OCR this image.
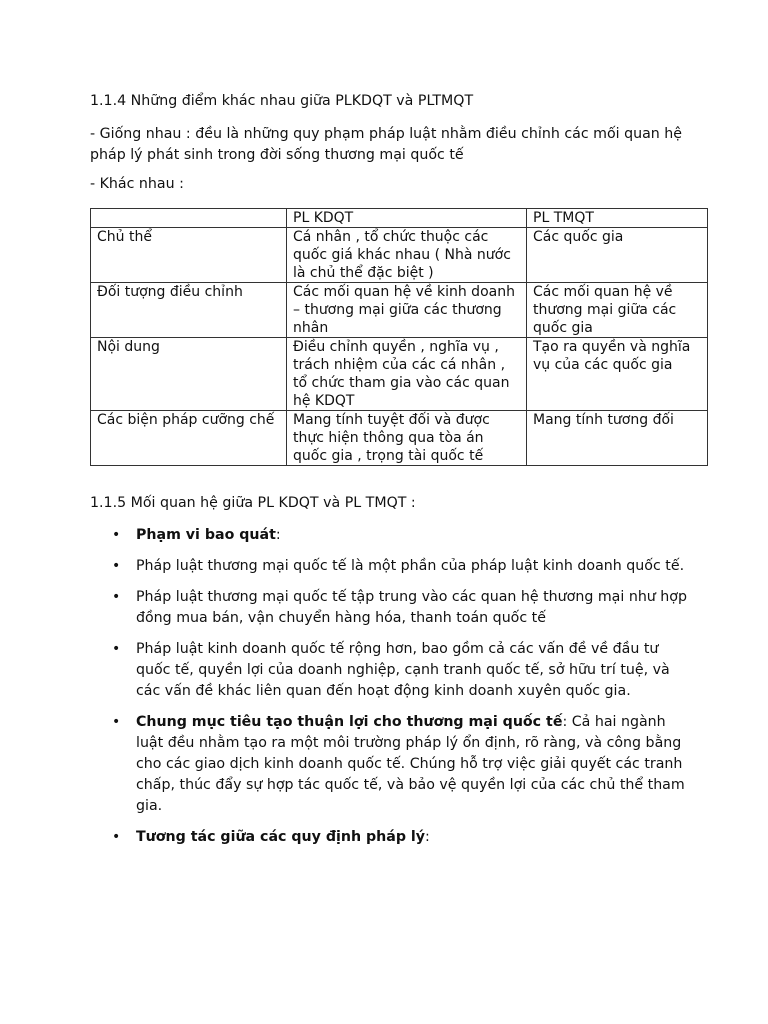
1.1.4 Những điểm khác nhau giữa PLKDQT và PLTMQT
- Giống nhau : đều là những quy phạm pháp luật nhằm điều chỉnh các mối quan hệ pháp lý phát sinh trong đời sống thương mại quốc tế
- Khác nhau :
	PL KDQT	PL TMQT
Chủ thể	Cá nhân , tổ chức thuộc các quốc giá khác nhau ( Nhà nước là chủ thể đặc biệt )	Các quốc gia
Đối tượng điều chỉnh	Các mối quan hệ về kinh doanh – thương mại giữa các thương nhân	Các mối quan hệ về thương mại giữa các quốc gia
Nội dung	Điều chỉnh quyền , nghĩa vụ , trách nhiệm của các cá nhân , tổ chức tham gia vào các quan hệ KDQT	Tạo ra quyền và nghĩa vụ của các quốc gia
Các biện pháp cưỡng chế	Mang tính tuyệt đối và được thực hiện thông qua tòa án quốc gia , trọng tài quốc tế	Mang tính tương đối
1.1.5 Mối quan hệ giữa PL KDQT và PL TMQT :
• Phạm vi bao quát:
• Pháp luật thương mại quốc tế là một phần của pháp luật kinh doanh quốc tế.
• Pháp luật thương mại quốc tế tập trung vào các quan hệ thương mại như hợp đồng mua bán, vận chuyển hàng hóa, thanh toán quốc tế
• Pháp luật kinh doanh quốc tế rộng hơn, bao gồm cả các vấn đề về đầu tư quốc tế, quyền lợi của doanh nghiệp, cạnh tranh quốc tế, sở hữu trí tuệ, và các vấn đề khác liên quan đến hoạt động kinh doanh xuyên quốc gia.
• Chung mục tiêu tạo thuận lợi cho thương mại quốc tế: Cả hai ngành luật đều nhằm tạo ra một môi trường pháp lý ổn định, rõ ràng, và công bằng cho các giao dịch kinh doanh quốc tế. Chúng hỗ trợ việc giải quyết các tranh chấp, thúc đẩy sự hợp tác quốc tế, và bảo vệ quyền lợi của các chủ thể tham gia.
• Tương tác giữa các quy định pháp lý:
